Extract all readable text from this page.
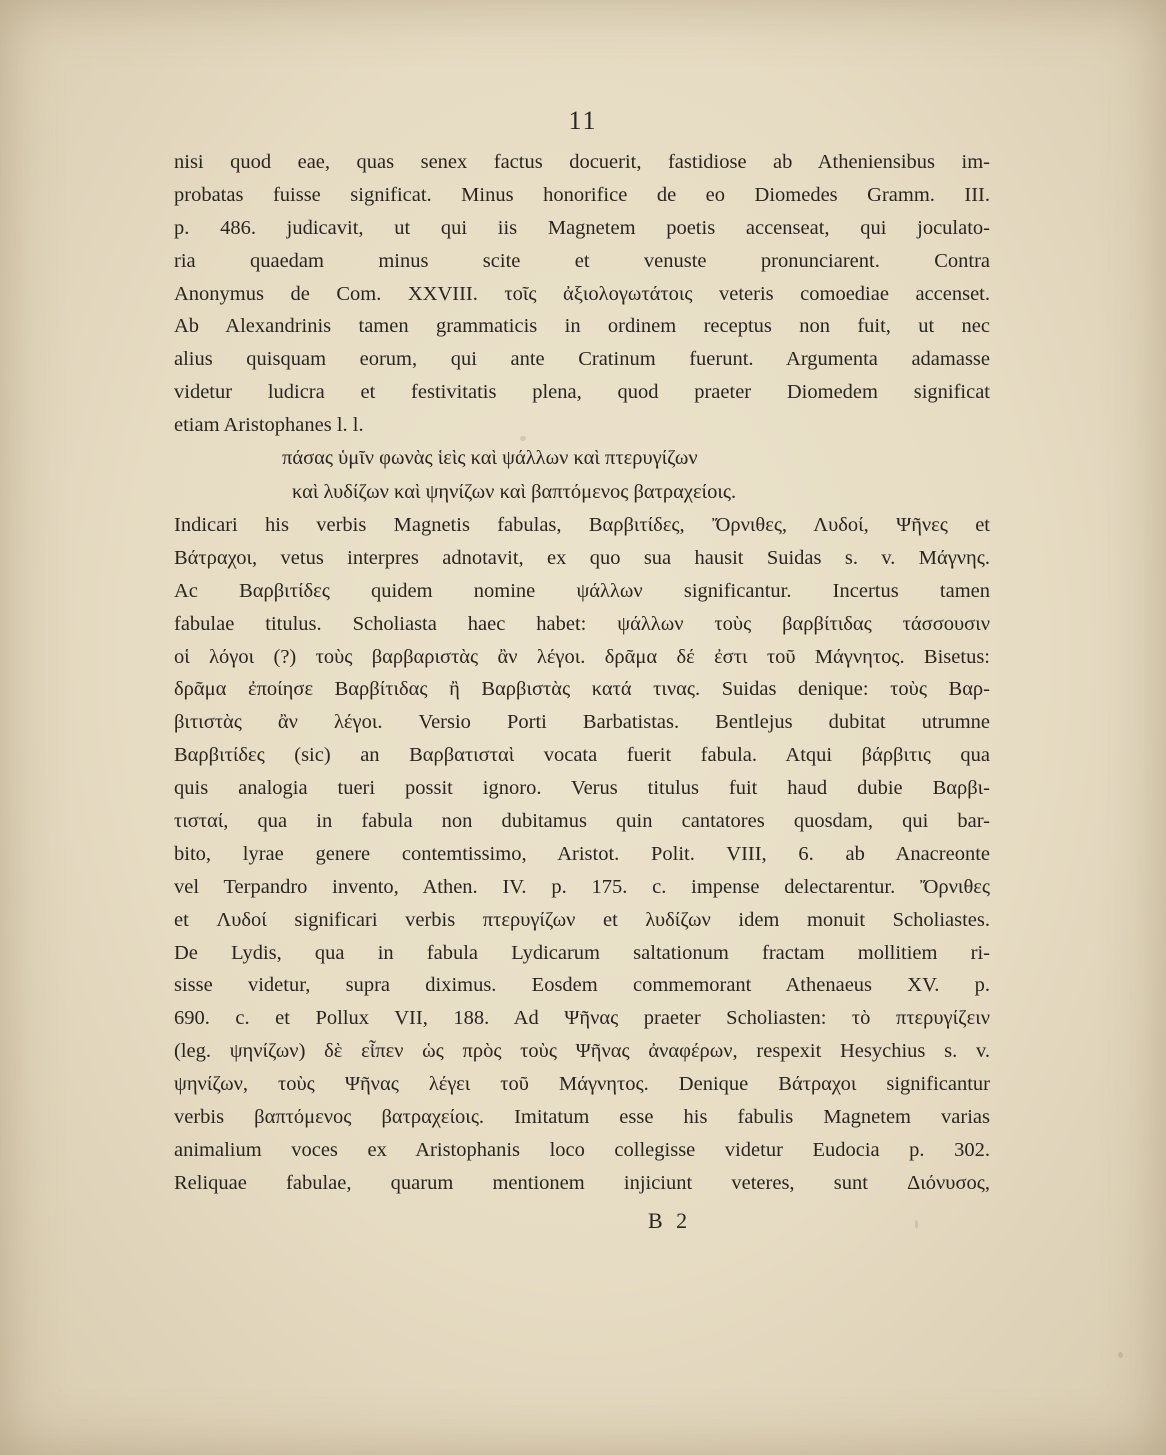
11
nisi quod eae, quas senex factus docuerit, fastidiose ab Atheniensibus im-
probatas fuisse significat. Minus honorifice de eo Diomedes Gramm. III.
p. 486. judicavit, ut qui iis Magnetem poetis accenseat, qui joculato-
ria quaedam minus scite et venuste pronunciarent. Contra
Anonymus de Com. XXVIII. τοῖς ἀξιολογωτάτοις veteris comoediae accenset.
Ab Alexandrinis tamen grammaticis in ordinem receptus non fuit, ut nec
alius quisquam eorum, qui ante Cratinum fuerunt. Argumenta adamasse
videtur ludicra et festivitatis plena, quod praeter Diomedem significat
etiam Aristophanes l. l.
πάσας ὑμῖν φωνὰς ἱεὶς καὶ ψάλλων καὶ πτερυγίζων
καὶ λυδίζων καὶ ψηνίζων καὶ βαπτόμενος βατραχείοις.
Indicari his verbis Magnetis fabulas, Βαρβιτίδες, Ὄρνιθες, Λυδοί, Ψῆνες et
Βάτραχοι, vetus interpres adnotavit, ex quo sua hausit Suidas s. v. Μάγνης.
Ac Βαρβιτίδες quidem nomine ψάλλων significantur. Incertus tamen
fabulae titulus. Scholiasta haec habet: ψάλλων τοὺς βαρβίτιδας τάσσουσιν
οἱ λόγοι (?) τοὺς βαρβαριστὰς ἂν λέγοι. δρᾶμα δέ ἐστι τοῦ Μάγνητος. Bisetus:
δρᾶμα ἐποίησε Βαρβίτιδας ἢ Βαρβιστὰς κατά τινας. Suidas denique: τοὺς Βαρ-
βιτιστὰς ἂν λέγοι. Versio Porti Barbatistas. Bentlejus dubitat utrumne
Βαρβιτίδες (sic) an Βαρβατισταὶ vocata fuerit fabula. Atqui βάρβιτις qua
quis analogia tueri possit ignoro. Verus titulus fuit haud dubie Βαρβι-
τισταί, qua in fabula non dubitamus quin cantatores quosdam, qui bar-
bito, lyrae genere contemtissimo, Aristot. Polit. VIII, 6. ab Anacreonte
vel Terpandro invento, Athen. IV. p. 175. c. impense delectarentur. Ὄρνιθες
et Λυδοί significari verbis πτερυγίζων et λυδίζων idem monuit Scholiastes.
De Lydis, qua in fabula Lydicarum saltationum fractam mollitiem ri-
sisse videtur, supra diximus. Eosdem commemorant Athenaeus XV. p.
690. c. et Pollux VII, 188. Ad Ψῆνας praeter Scholiasten: τὸ πτερυγίζειν
(leg. ψηνίζων) δὲ εἶπεν ὡς πρὸς τοὺς Ψῆνας ἀναφέρων, respexit Hesychius s. v.
ψηνίζων, τοὺς Ψῆνας λέγει τοῦ Μάγνητος. Denique Βάτραχοι significantur
verbis βαπτόμενος βατραχείοις. Imitatum esse his fabulis Magnetem varias
animalium voces ex Aristophanis loco collegisse videtur Eudocia p. 302.
Reliquae fabulae, quarum mentionem injiciunt veteres, sunt Διόνυσος,
B 2
